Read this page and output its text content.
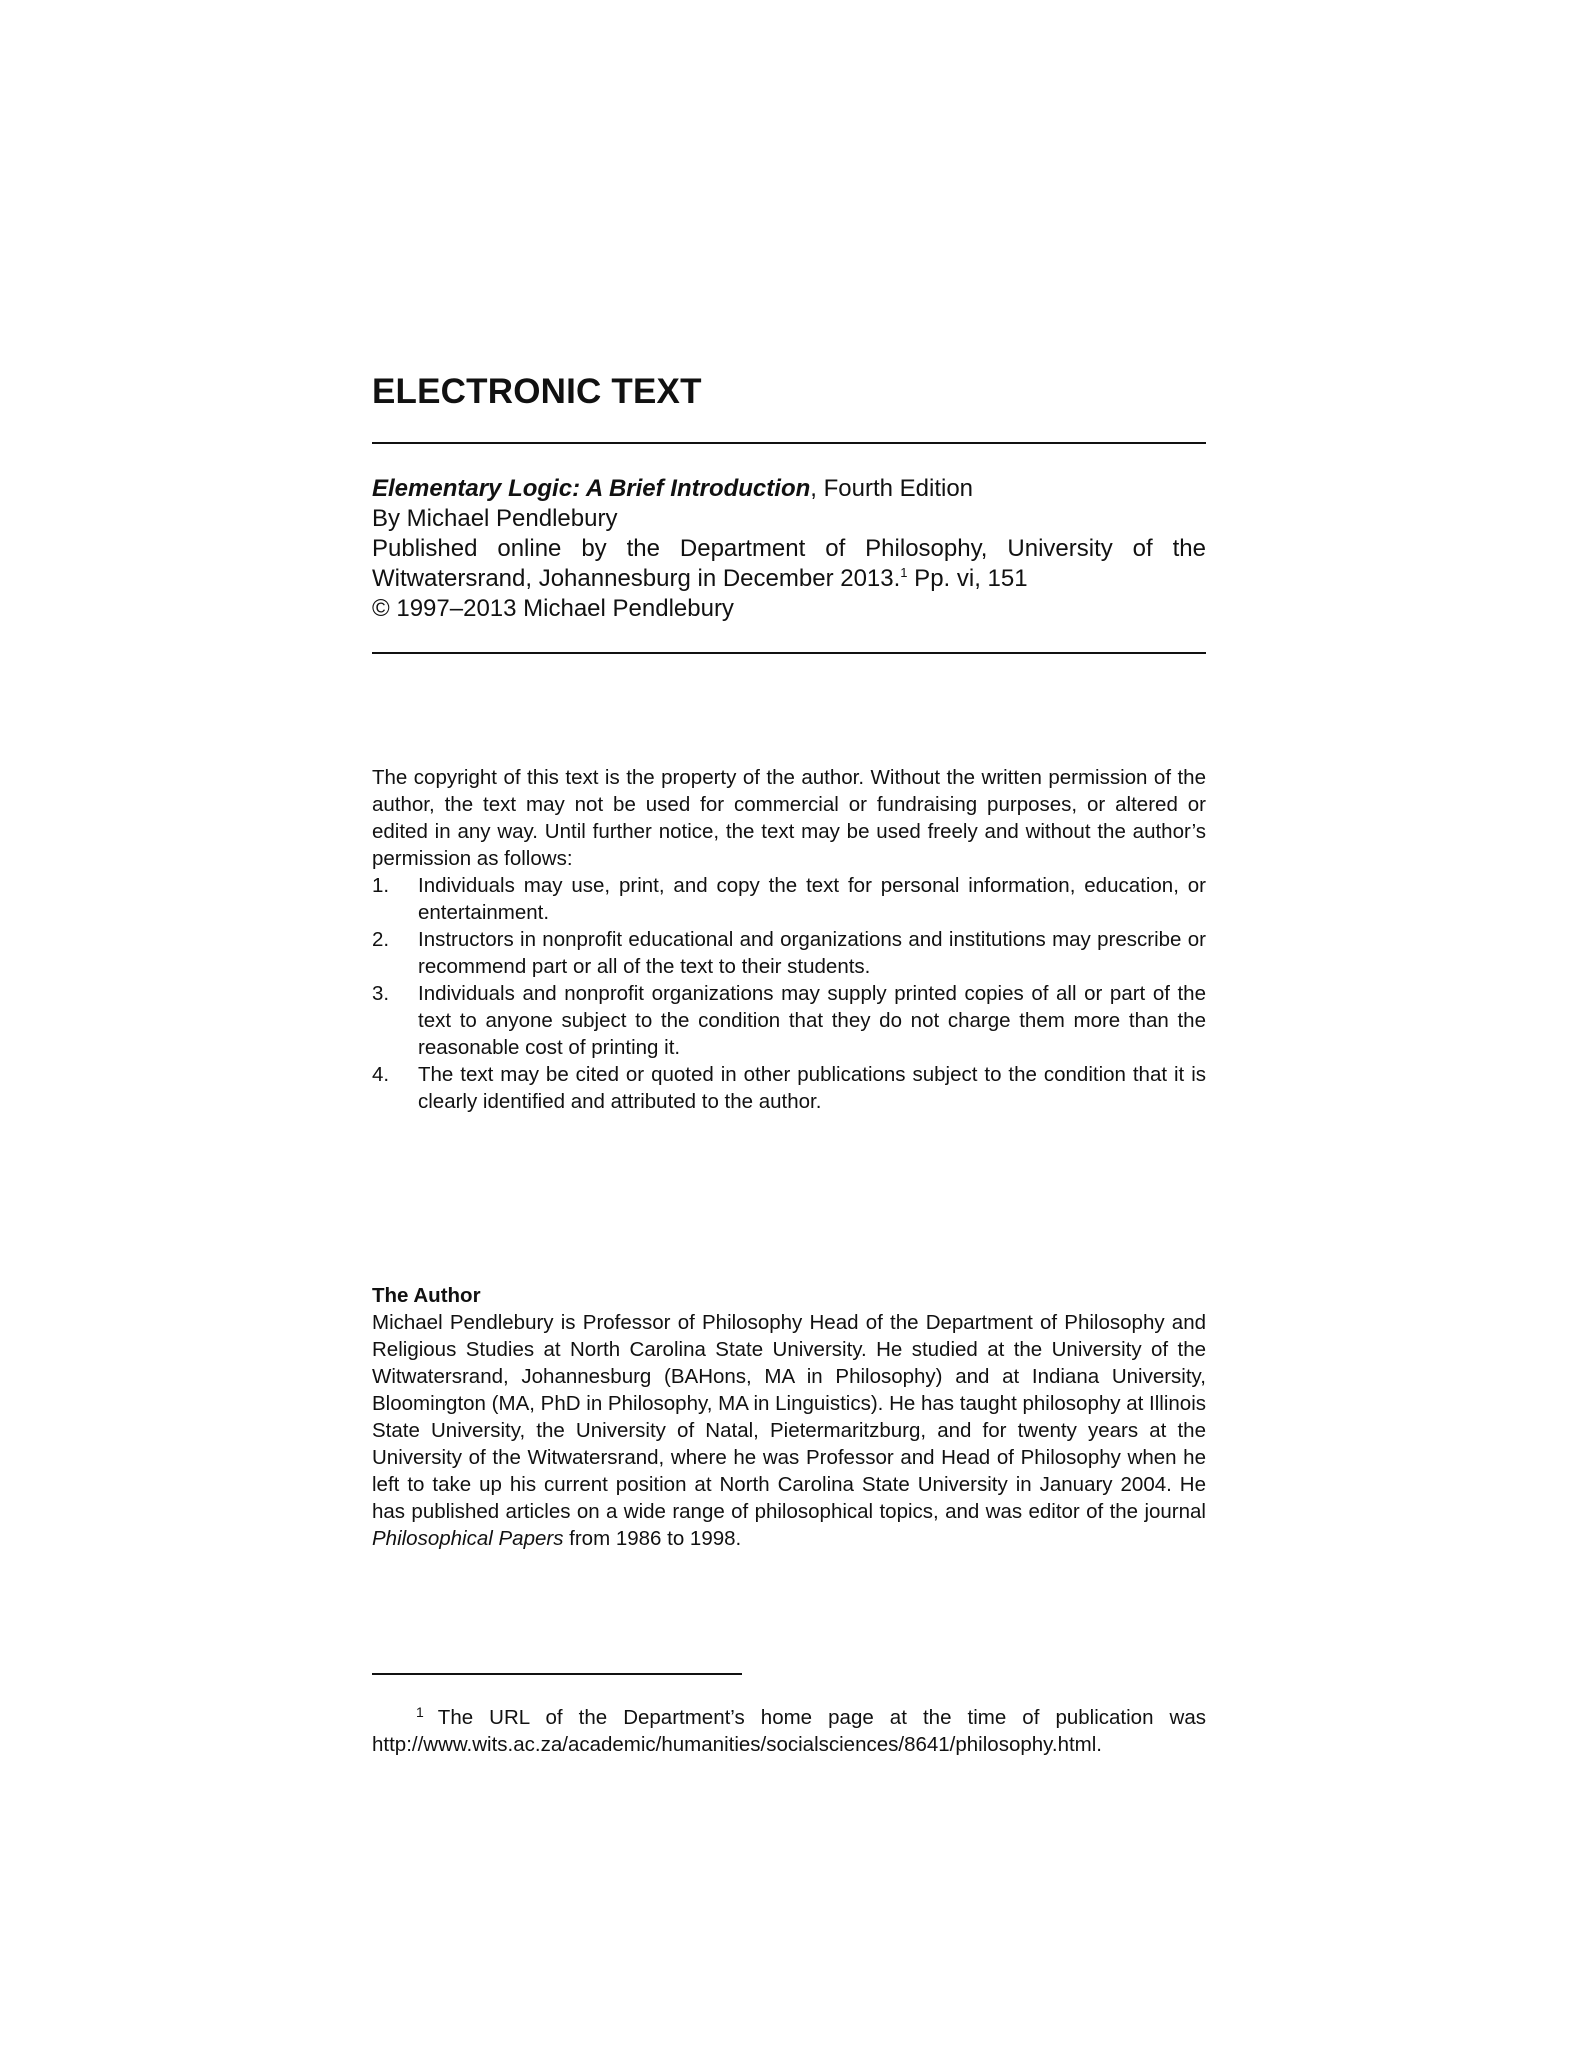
ELECTRONIC TEXT
Elementary Logic: A Brief Introduction, Fourth Edition
By Michael Pendlebury
Published online by the Department of Philosophy, University of the Witwatersrand, Johannesburg in December 2013.$^1$ Pp. vi, 151
© 1997–2013 Michael Pendlebury

The copyright of this text is the property of the author. Without the written permission of the author, the text may not be used for commercial or fundraising purposes, or altered or edited in any way. Until further notice, the text may be used freely and without the author’s permission as follows:

1. Individuals may use, print, and copy the text for personal information, education, or entertainment.
2. Instructors in nonprofit educational and organizations and institutions may prescribe or recommend part or all of the text to their students.
3. Individuals and nonprofit organizations may supply printed copies of all or part of the text to anyone subject to the condition that they do not charge them more than the reasonable cost of printing it.
4. The text may be cited or quoted in other publications subject to the condition that it is clearly identified and attributed to the author.
The Author

Michael Pendlebury is Professor of Philosophy Head of the Department of Philosophy and Religious Studies at North Carolina State University. He studied at the University of the Witwatersrand, Johannesburg (BAHons, MA in Philosophy) and at Indiana University, Bloomington (MA, PhD in Philosophy, MA in Linguistics). He has taught philosophy at Illinois State University, the University of Natal, Pietermaritzburg, and for twenty years at the University of the Witwatersrand, where he was Professor and Head of Philosophy when he left to take up his current position at North Carolina State University in January 2004. He has published articles on a wide range of philosophical topics, and was editor of the journal Philosophical Papers from 1986 to 1998.

1 The URL of the Department’s home page at the time of publication was
http://www.wits.ac.za/academic/humanities/socialsciences/8641/philosophy.html.
